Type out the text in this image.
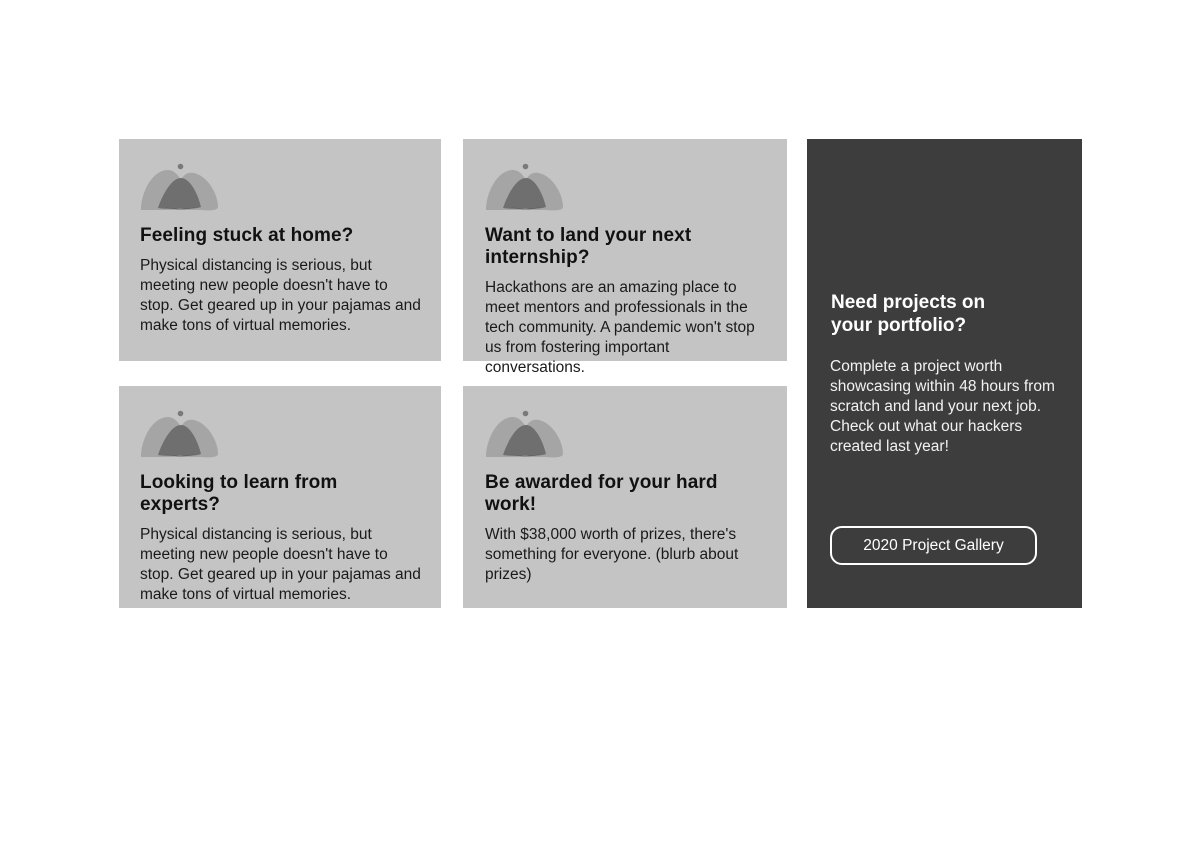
Feeling stuck at home?

Physical distancing is serious, but meeting new people doesn't have to stop. Get geared up in your pajamas and make tons of virtual memories.

Want to land your next internship?

Hackathons are an amazing place to meet mentors and professionals in the tech community. A pandemic won't stop us from fostering important conversations.

Looking to learn from experts?

Physical distancing is serious, but meeting new people doesn't have to stop. Get geared up in your pajamas and make tons of virtual memories.

Be awarded for your hard work!

With $38,000 worth of prizes, there's something for everyone. (blurb about prizes)

Need projects on your portfolio?

Complete a project worth showcasing within 48 hours from scratch and land your next job. Check out what our hackers created last year!

2020 Project Gallery
